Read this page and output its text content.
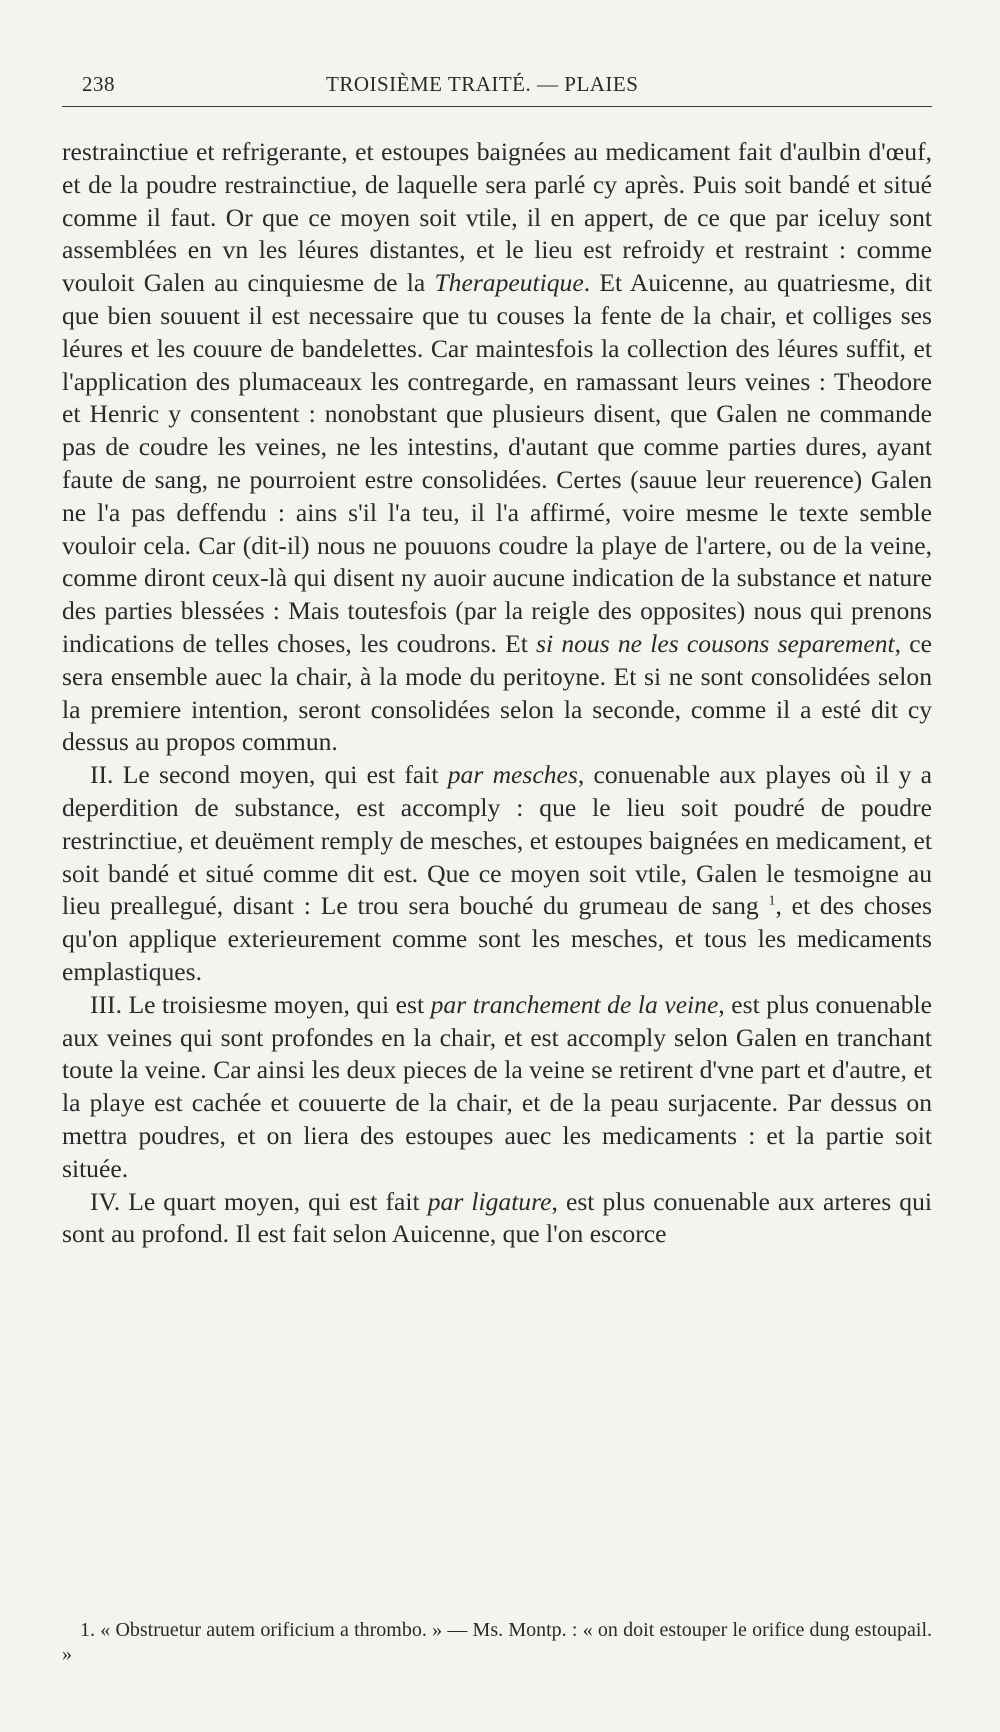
238	TROISIÈME TRAITÉ. — PLAIES

restrainctiue et refrigerante, et estoupes baignées au medicament fait d'aulbin d'œuf, et de la poudre restrainctiue, de laquelle sera parlé cy après. Puis soit bandé et situé comme il faut. Or que ce moyen soit vtile, il en appert, de ce que par iceluy sont assemblées en vn les léures distantes, et le lieu est refroidy et restraint : comme vouloit Galen au cinquiesme de la Therapeutique. Et Auicenne, au quatriesme, dit que bien souuent il est necessaire que tu couses la fente de la chair, et colliges ses léures et les couure de bandelettes. Car maintesfois la collection des léures suffit, et l'application des plumaceaux les contregarde, en ramassant leurs veines : Theodore et Henric y consentent : nonobstant que plusieurs disent, que Galen ne commande pas de coudre les veines, ne les intestins, d'autant que comme parties dures, ayant faute de sang, ne pourroient estre consolidées. Certes (sauue leur reuerence) Galen ne l'a pas deffendu : ains s'il l'a teu, il l'a affirmé, voire mesme le texte semble vouloir cela. Car (dit-il) nous ne pouuons coudre la playe de l'artere, ou de la veine, comme diront ceux-là qui disent ny auoir aucune indication de la substance et nature des parties blessées : Mais toutesfois (par la reigle des opposites) nous qui prenons indications de telles choses, les coudrons. Et si nous ne les cousons separement, ce sera ensemble auec la chair, à la mode du peritoyne. Et si ne sont consolidées selon la premiere intention, seront consolidées selon la seconde, comme il a esté dit cy dessus au propos commun.

II. Le second moyen, qui est fait par mesches, conuenable aux playes où il y a deperdition de substance, est accomply : que le lieu soit poudré de poudre restrinctiue, et deuëment remply de mesches, et estoupes baignées en medicament, et soit bandé et situé comme dit est. Que ce moyen soit vtile, Galen le tesmoigne au lieu preallegué, disant : Le trou sera bouché du grumeau de sang $^1$, et des choses qu'on applique exterieurement comme sont les mesches, et tous les medicaments emplastiques.

III. Le troisiesme moyen, qui est par tranchement de la veine, est plus conuenable aux veines qui sont profondes en la chair, et est accomply selon Galen en tranchant toute la veine. Car ainsi les deux pieces de la veine se retirent d'vne part et d'autre, et la playe est cachée et couuerte de la chair, et de la peau surjacente. Par dessus on mettra poudres, et on liera des estoupes auec les medicaments : et la partie soit située.

IV. Le quart moyen, qui est fait par ligature, est plus conuenable aux arteres qui sont au profond. Il est fait selon Auicenne, que l'on escorce

1. « Obstruetur autem orificium a thrombo. » — Ms. Montp. : « on doit estouper le orifice dung estoupail. »
